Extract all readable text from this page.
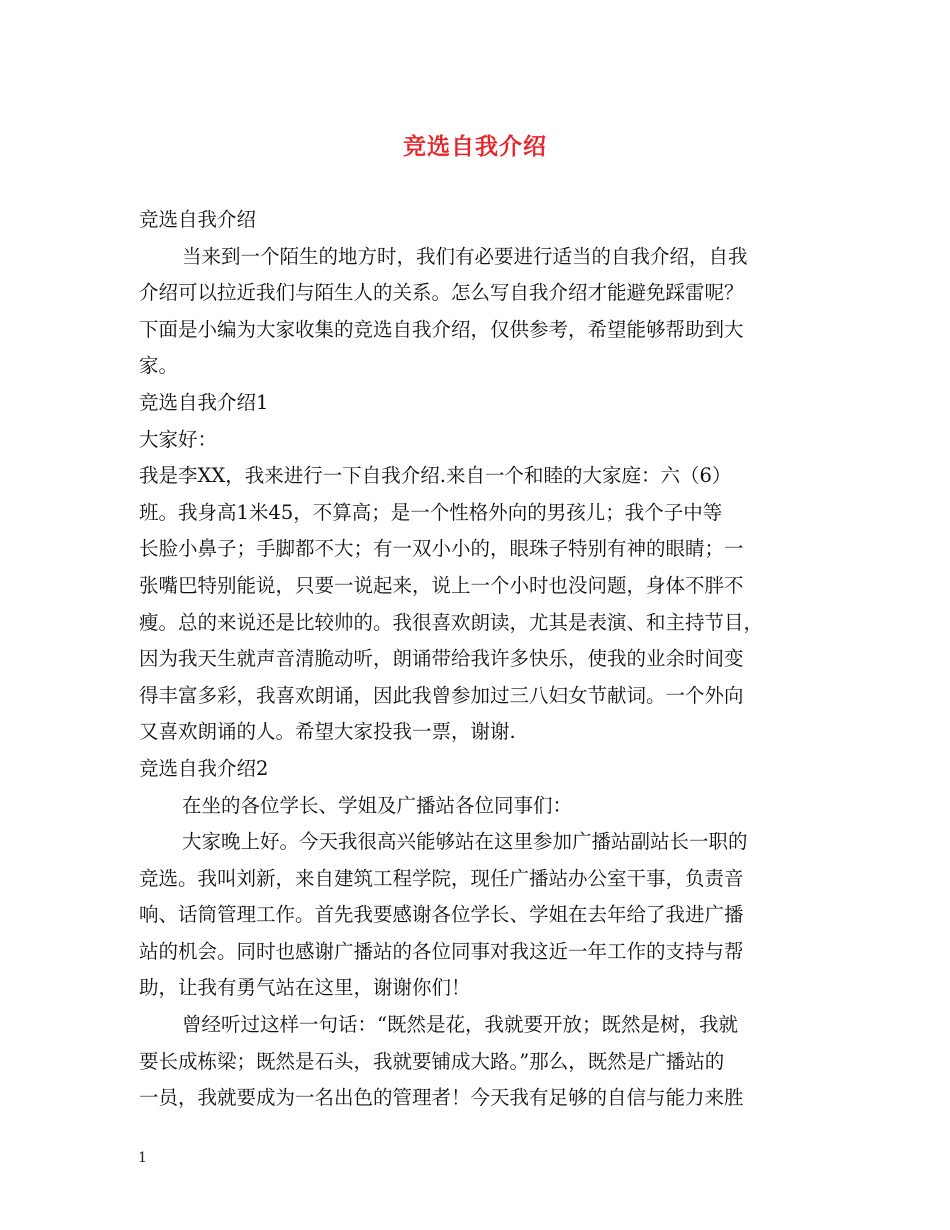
竞选自我介绍

竞选自我介绍

当来到一个陌生的地方时，我们有必要进行适当的自我介绍，自我

介绍可以拉近我们与陌生人的关系。怎么写自我介绍才能避免踩雷呢？

下面是小编为大家收集的竞选自我介绍，仅供参考，希望能够帮助到大

家。

竞选自我介绍1

大家好：

我是李XX，我来进行一下自我介绍.来自一个和睦的大家庭：六（6）

班。我身高1米45，不算高；是一个性格外向的男孩儿；我个子中等

长脸小鼻子；手脚都不大；有一双小小的，眼珠子特别有神的眼睛；一

张嘴巴特别能说，只要一说起来，说上一个小时也没问题，身体不胖不

瘦。总的来说还是比较帅的。我很喜欢朗读，尤其是表演、和主持节目，

因为我天生就声音清脆动听，朗诵带给我许多快乐，使我的业余时间变

得丰富多彩，我喜欢朗诵，因此我曾参加过三八妇女节献词。一个外向

又喜欢朗诵的人。希望大家投我一票，谢谢.

竞选自我介绍2

在坐的各位学长、学姐及广播站各位同事们：

大家晚上好。今天我很高兴能够站在这里参加广播站副站长一职的

竞选。我叫刘新，来自建筑工程学院，现任广播站办公室干事，负责音

响、话筒管理工作。首先我要感谢各位学长、学姐在去年给了我进广播

站的机会。同时也感谢广播站的各位同事对我这近一年工作的支持与帮

助，让我有勇气站在这里，谢谢你们！

曾经听过这样一句话：“既然是花，我就要开放；既然是树，我就

要长成栋梁；既然是石头，我就要铺成大路。”那么，既然是广播站的

一员，我就要成为一名出色的管理者！今天我有足够的自信与能力来胜

1
